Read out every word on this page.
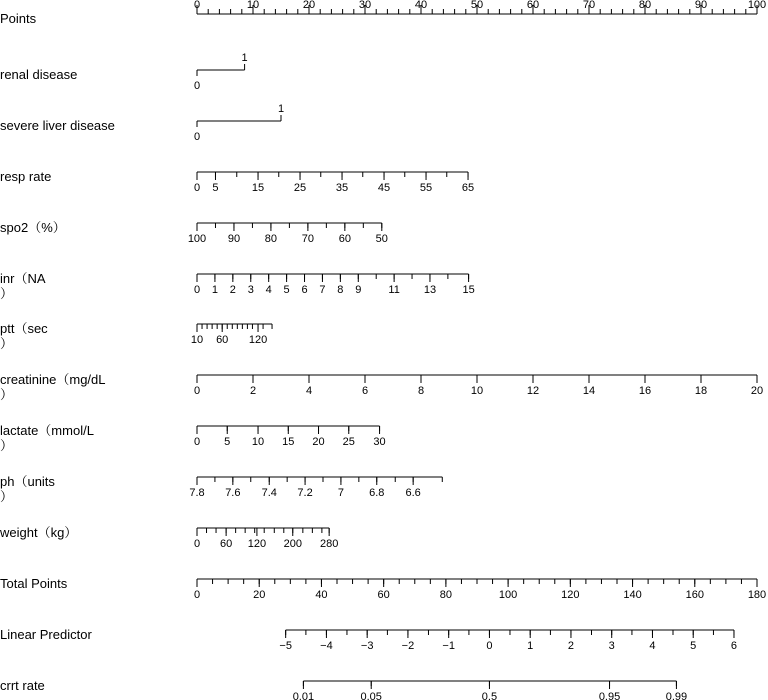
Points
0	10	20	30	40	50	60	70	80	90	100
renal disease
0
1
severe liver disease
0
1
resp rate
0 5	15	25	35	45	55	65
spo2（%）
100 90 80 70 60 50
inr（NA
）	0 1 2 3 4 5 6 7 8 9 11 13 15
ptt（sec
）	10 60 120
creatinine（mg/dL
）	0	2	4	6	8	10	12	14	16	18	20
lactate（mmol/L
）	0 5 10 15 20 25 30
ph（units
）	7.8 7.6 7.4 7.2 7 6.8 6.6
weight（kg）
0 60 120 200 280
Total Points
0	20	40	60	80	100	120	140	160	180
Linear Predictor
−5	−4	−3	−2	−1	0	1	2	3	4	5	6
crrt rate
0.01	0.05	0.5	0.95	0.99
